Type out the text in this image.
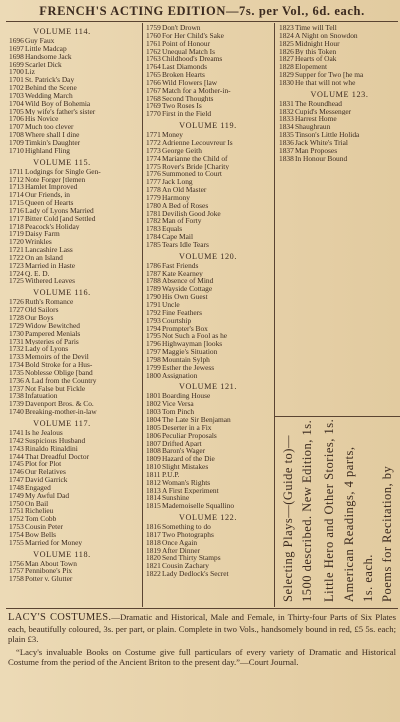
FRENCH'S ACTING EDITION—7s. per Vol., 6d. each.
VOLUME 114.
1696Guy Faux
1697Little Madcap
1698Handsome Jack
1699Scarlet Dick
1700Liz
1701St. Patrick's Day
1702Behind the Scene
1703Wedding March
1704Wild Boy of Bohemia
1705My wife's father's sister
1706His Novice
1707Much too clever
1708Where shall I dine
1709Timkin's Daughter
1710Highland Fling
VOLUME 115.
1711Lodgings for Single Gen-
1712Note Forger [tlemen
1713Hamlet Improved
1714Our Friends, in
1715Queen of Hearts
1716Lady of Lyons Married
1717Bitter Cold [and Settled
1718Peacock's Holiday
1719Daisy Farm
1720Wrinkles
1721Lancashire Lass
1722On an Island
1723Married in Haste
1724Q. E. D.
1725Withered Leaves
VOLUME 116.
1726Ruth's Romance
1727Old Sailors
1728Our Boys
1729Widow Bewitched
1730Pampered Menials
1731Mysteries of Paris
1732Lady of Lyons
1733Memoirs of the Devil
1734Bold Stroke for a Hus-
1735Noblesse Oblige [band
1736A Lad from the Country
1737Not False but Fickle
1738Infatuation
1739Davenport Bros. & Co.
1740Breaking-mother-in-law
VOLUME 117.
1741Is he Jealous
1742Suspicious Husband
1743Rinaldo Rinaldini
1744That Dreadful Doctor
1745Plot for Plot
1746Our Relatives
1747David Garrick
1748Engaged
1749My Awful Dad
1750On Bail
1751Richelieu
1752Tom Cobb
1753Cousin Peter
1754Bow Bells
1755Married for Money
VOLUME 118.
1756Man About Town
1757Pennibone's Pix
1758Potter v. Glutter
1759Don't Drown
1760For Her Child's Sake
1761Point of Honour
1762Unequal Match Is
1763Childhood's Dreams
1764Last Diamonds
1765Broken Hearts
1766Wild Flowers [law
1767Match for a Mother-in-
1768Second Thoughts
1769Two Roses Is
1770First in the Field
VOLUME 119.
1771Money
1772Adrienne Lecouvreur Is
1773George Geith
1774Marianne the Child of
1775Rover's Bride [Charity
1776Summoned to Court
1777Jack Long
1778An Old Master
1779Harmony
1780A Bed of Roses
1781Devilish Good Joke
1782Man of Forty
1783Equals
1784Cape Mail
1785Tears Idle Tears
VOLUME 120.
1786Fast Friends
1787Kate Kearney
1788Absence of Mind
1789Wayside Cottage
1790His Own Guest
1791Uncle
1792Fine Feathers
1793Courtship
1794Prompter's Box
1795Not Such a Fool as he
1796Highwayman [looks
1797Maggie's Situation
1798Mountain Sylph
1799Esther the Jewess
1800Assignation
VOLUME 121.
1801Boarding House
1802Vice Versa
1803Tom Pinch
1804The Late Sir Benjaman
1805Deserter in a Fix
1806Peculiar Proposals
1807Drifted Apart
1808Baron's Wager
1809Hazard of the Die
1810Slight Mistakes
1811P.U.P.
1812Woman's Rights
1813A First Experiment
1814Sunshine
1815Mademoiselle Squallino
VOLUME 122.
1816Something to do
1817Two Photographs
1818Once Again
1819After Dinner
1820Send Thirty Stamps
1821Cousin Zachary
1822Lady Dedlock's Secret
1823Time will Tell
1824A Night on Snowdon
1825Midnight Hour
1826By this Token
1827Hearts of Oak
1828Elopement
1829Supper for Two [he ma
1830He that will not whe
VOLUME 123.
1831The Roundhead
1832Cupid's Messenger
1833Harrest Home
1834Shaughraun
1835Tinson's Little Holida
1836Jack White's Trial
1837Man Proposes
1838In Honour Bound
Selecting Plays—(Guide to)— 1500 described. New Edition, 1s. Little Hero and Other Stories, 1s. American Readings, 4 parts, 1s. each. Poems for Recitation, by
LACY'S COSTUMES.—Dramatic and Historical, Male and Female, in Thirty-four Parts of Six Plates each, beautifully coloured, 3s. per part, or plain. Complete in two Vols., handsomely bound in red, £5 5s. each; plain £3.
“Lacy's invaluable Books on Costume give full particulars of every variety of Dramatic and Historical Costume from the period of the Ancient Briton to the present day.”—Court Journal.
